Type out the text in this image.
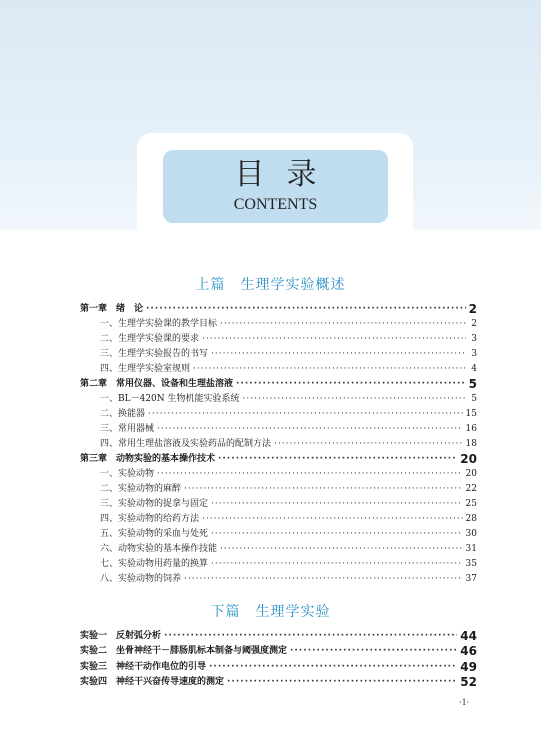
目录
CONTENTS
上篇　生理学实验概述
第一章　绪　论 ·····	2
一、生理学实验课的教学目标 ·····	2
二、生理学实验课的要求 ·····	3
三、生理学实验报告的书写 ·····	3
四、生理学实验室规则 ·····	4
第二章　常用仪器、设备和生理盐溶液 ·····	5
一、BL－420N 生物机能实验系统 ·····	5
二、换能器 ·····	15
三、常用器械 ·····	16
四、常用生理盐溶液及实验药品的配制方法 ·····	18
第三章　动物实验的基本操作技术 ·····	20
一、实验动物 ·····	20
二、实验动物的麻醉 ·····	22
三、实验动物的捉拿与固定 ·····	25
四、实验动物的给药方法 ·····	28
五、实验动物的采血与处死 ·····	30
六、动物实验的基本操作技能 ·····	31
七、实验动物用药量的换算 ·····	35
八、实验动物的饲养 ·····	37
下篇　生理学实验
实验一　反射弧分析 ·····	44
实验二　坐骨神经干－腓肠肌标本制备与阈强度测定 ·····	46
实验三　神经干动作电位的引导 ·····	49
实验四　神经干兴奋传导速度的测定 ·····	52
·1·
